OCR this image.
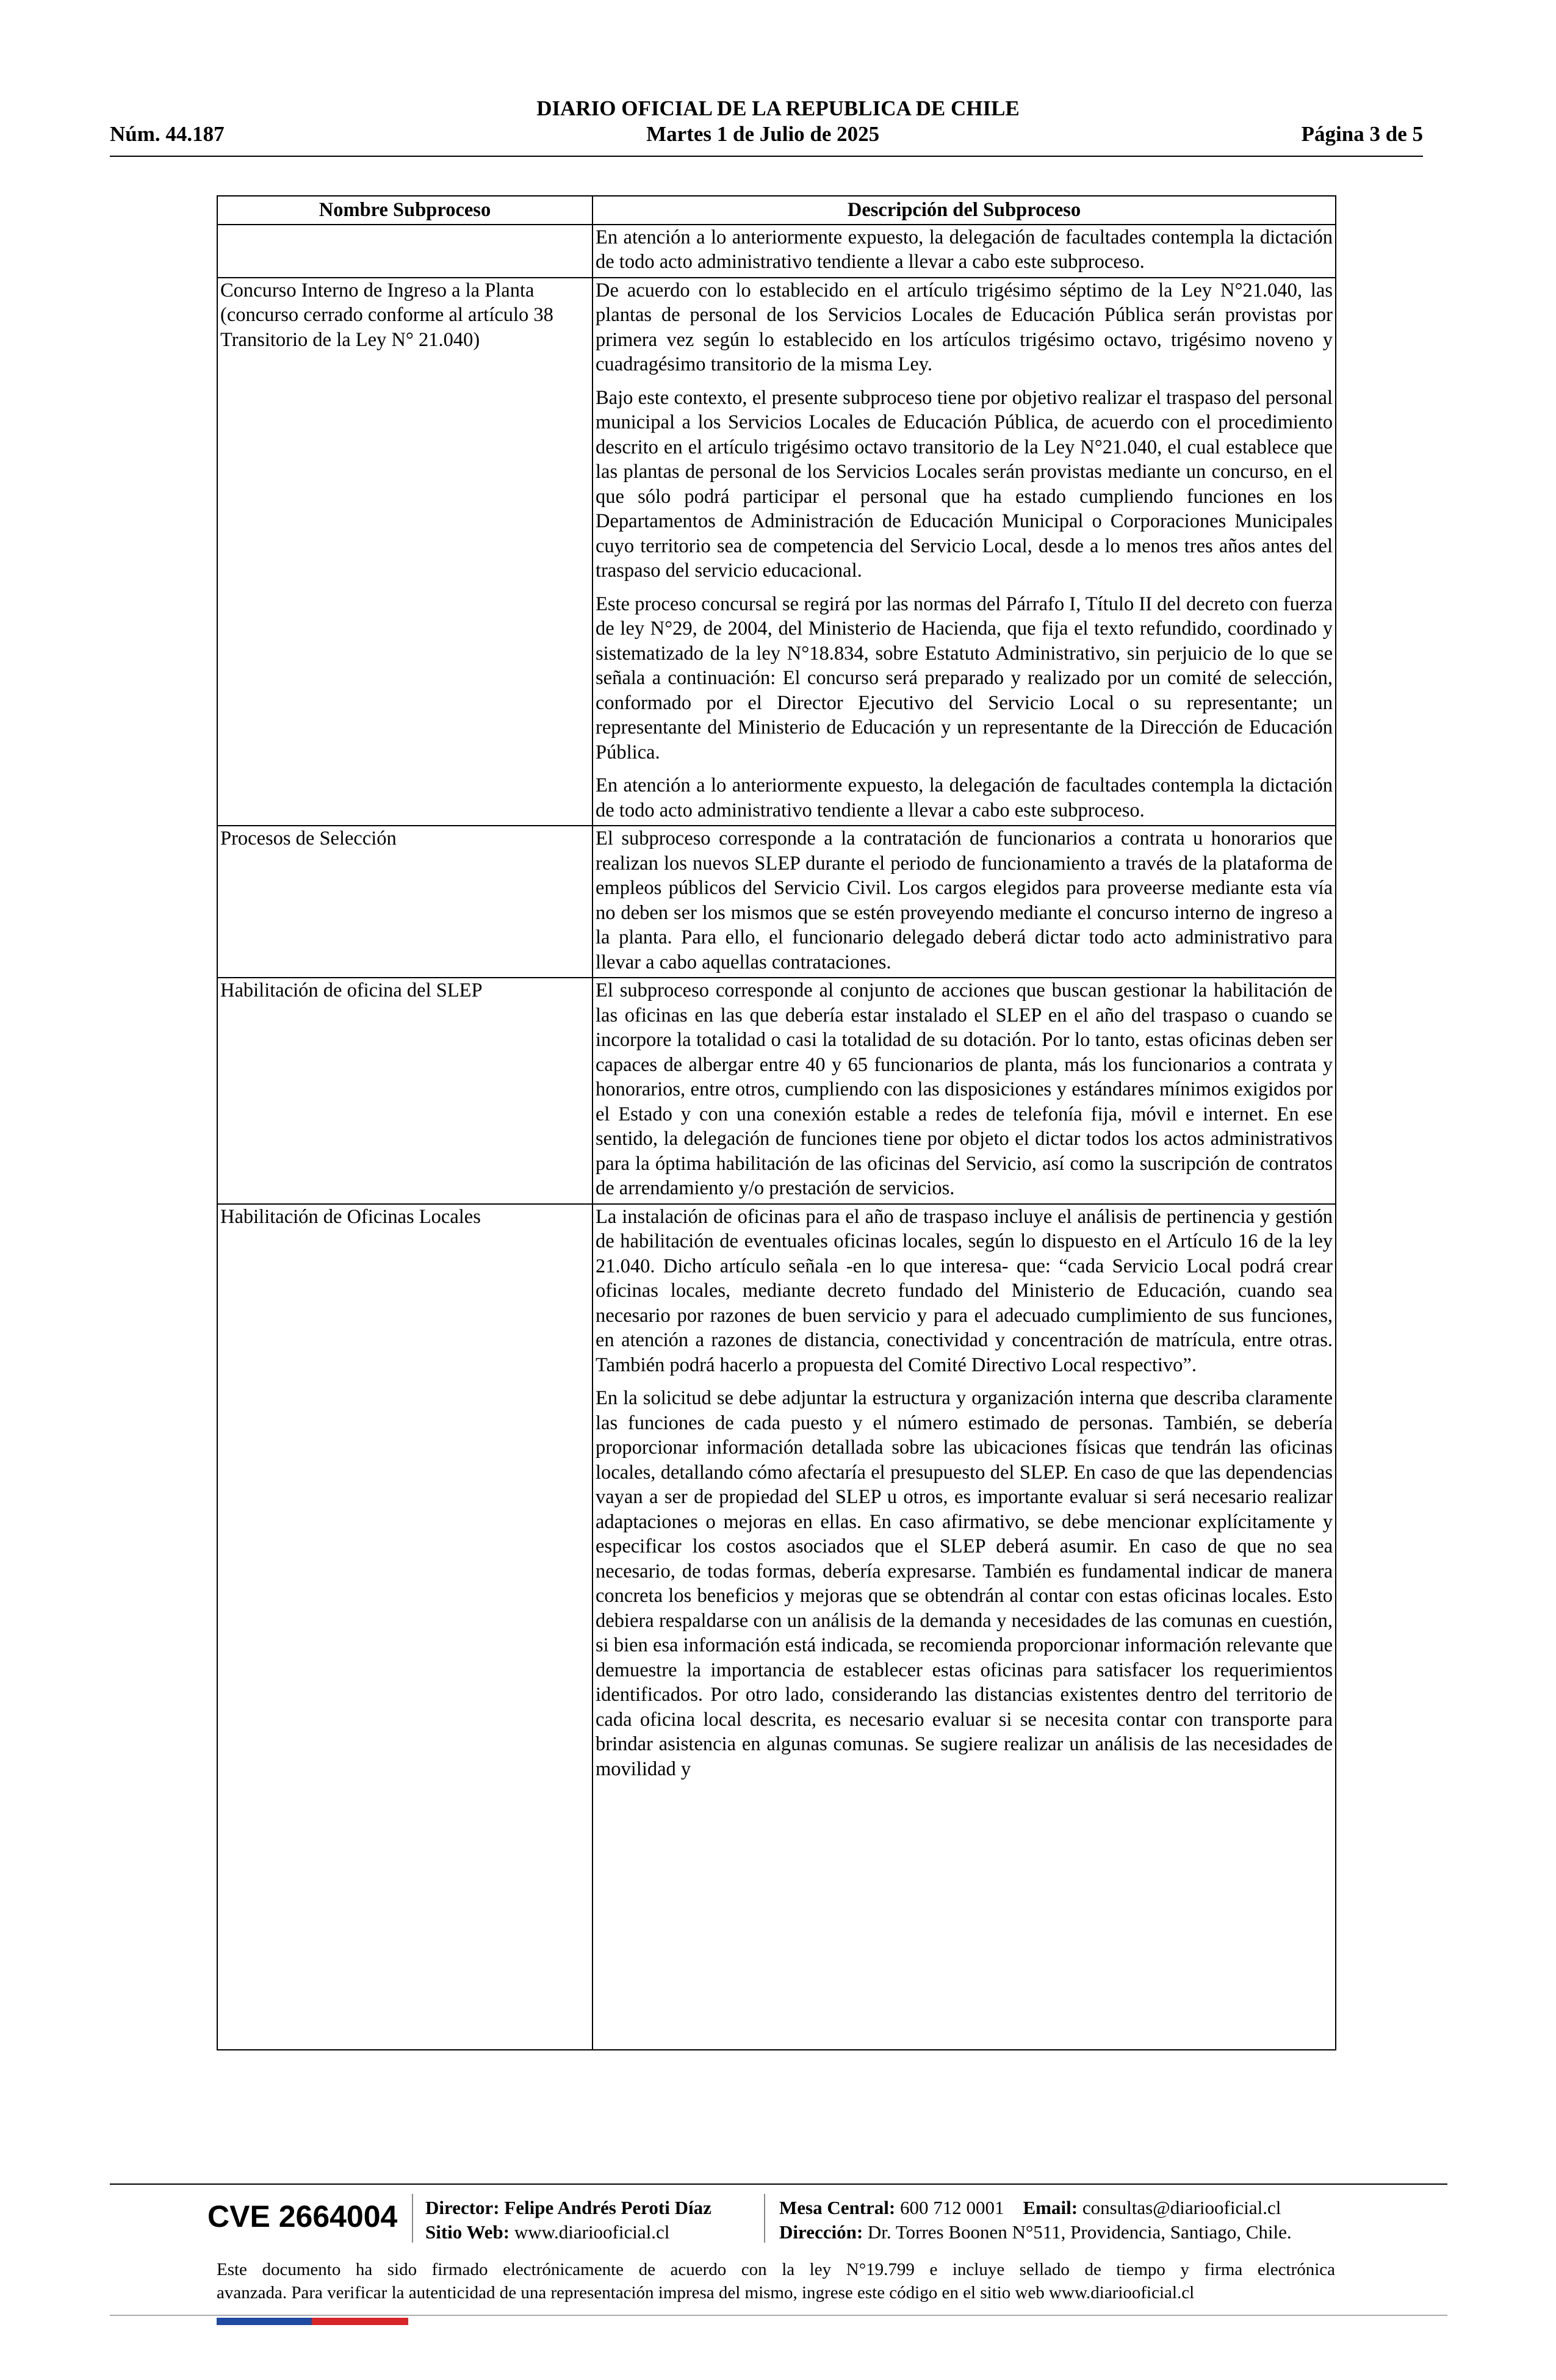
DIARIO OFICIAL DE LA REPUBLICA DE CHILE
Núm. 44.187	Martes 1 de Julio de 2025	Página 3 de 5
Nombre Subproceso	Descripción del Subproceso

	En atención a lo anteriormente expuesto, la delegación de facultades contempla la dictación de todo acto administrativo tendiente a llevar a cabo este subproceso.

Concurso Interno de Ingreso a la Planta (concurso cerrado conforme al artículo 38 Transitorio de la Ley N° 21.040)	De acuerdo con lo establecido en el artículo trigésimo séptimo de la Ley N°21.040, las plantas de personal de los Servicios Locales de Educación Pública serán provistas por primera vez según lo establecido en los artículos trigésimo octavo, trigésimo noveno y cuadragésimo transitorio de la misma Ley.

Bajo este contexto, el presente subproceso tiene por objetivo realizar el traspaso del personal municipal a los Servicios Locales de Educación Pública, de acuerdo con el procedimiento descrito en el artículo trigésimo octavo transitorio de la Ley N°21.040, el cual establece que las plantas de personal de los Servicios Locales serán provistas mediante un concurso, en el que sólo podrá participar el personal que ha estado cumpliendo funciones en los Departamentos de Administración de Educación Municipal o Corporaciones Municipales cuyo territorio sea de competencia del Servicio Local, desde a lo menos tres años antes del traspaso del servicio educacional.

Este proceso concursal se regirá por las normas del Párrafo I, Título II del decreto con fuerza de ley N°29, de 2004, del Ministerio de Hacienda, que fija el texto refundido, coordinado y sistematizado de la ley N°18.834, sobre Estatuto Administrativo, sin perjuicio de lo que se señala a continuación: El concurso será preparado y realizado por un comité de selección, conformado por el Director Ejecutivo del Servicio Local o su representante; un representante del Ministerio de Educación y un representante de la Dirección de Educación Pública.

En atención a lo anteriormente expuesto, la delegación de facultades contempla la dictación de todo acto administrativo tendiente a llevar a cabo este subproceso.

Procesos de Selección	El subproceso corresponde a la contratación de funcionarios a contrata u honorarios que realizan los nuevos SLEP durante el periodo de funcionamiento a través de la plataforma de empleos públicos del Servicio Civil. Los cargos elegidos para proveerse mediante esta vía no deben ser los mismos que se estén proveyendo mediante el concurso interno de ingreso a la planta. Para ello, el funcionario delegado deberá dictar todo acto administrativo para llevar a cabo aquellas contrataciones.

Habilitación de oficina del SLEP	El subproceso corresponde al conjunto de acciones que buscan gestionar la habilitación de las oficinas en las que debería estar instalado el SLEP en el año del traspaso o cuando se incorpore la totalidad o casi la totalidad de su dotación. Por lo tanto, estas oficinas deben ser capaces de albergar entre 40 y 65 funcionarios de planta, más los funcionarios a contrata y honorarios, entre otros, cumpliendo con las disposiciones y estándares mínimos exigidos por el Estado y con una conexión estable a redes de telefonía fija, móvil e internet. En ese sentido, la delegación de funciones tiene por objeto el dictar todos los actos administrativos para la óptima habilitación de las oficinas del Servicio, así como la suscripción de contratos de arrendamiento y/o prestación de servicios.

Habilitación de Oficinas Locales	La instalación de oficinas para el año de traspaso incluye el análisis de pertinencia y gestión de habilitación de eventuales oficinas locales, según lo dispuesto en el Artículo 16 de la ley 21.040. Dicho artículo señala -en lo que interesa- que: “cada Servicio Local podrá crear oficinas locales, mediante decreto fundado del Ministerio de Educación, cuando sea necesario por razones de buen servicio y para el adecuado cumplimiento de sus funciones, en atención a razones de distancia, conectividad y concentración de matrícula, entre otras. También podrá hacerlo a propuesta del Comité Directivo Local respectivo”.

En la solicitud se debe adjuntar la estructura y organización interna que describa claramente las funciones de cada puesto y el número estimado de personas. También, se debería proporcionar información detallada sobre las ubicaciones físicas que tendrán las oficinas locales, detallando cómo afectaría el presupuesto del SLEP. En caso de que las dependencias vayan a ser de propiedad del SLEP u otros, es importante evaluar si será necesario realizar adaptaciones o mejoras en ellas. En caso afirmativo, se debe mencionar explícitamente y especificar los costos asociados que el SLEP deberá asumir. En caso de que no sea necesario, de todas formas, debería expresarse. También es fundamental indicar de manera concreta los beneficios y mejoras que se obtendrán al contar con estas oficinas locales. Esto debiera respaldarse con un análisis de la demanda y necesidades de las comunas en cuestión, si bien esa información está indicada, se recomienda proporcionar información relevante que demuestre la importancia de establecer estas oficinas para satisfacer los requerimientos identificados. Por otro lado, considerando las distancias existentes dentro del territorio de cada oficina local descrita, es necesario evaluar si se necesita contar con transporte para brindar asistencia en algunas comunas. Se sugiere realizar un análisis de las necesidades de movilidad y

CVE 2664004 Director: Felipe Andrés Peroti Díaz
Sitio Web: www.diariooficial.cl
Mesa Central: 600 712 0001 Email: consultas@diariooficial.cl
Dirección: Dr. Torres Boonen N°511, Providencia, Santiago, Chile.
Este documento ha sido firmado electrónicamente de acuerdo con la ley N°19.799 e incluye sellado de tiempo y firma electrónica
avanzada. Para verificar la autenticidad de una representación impresa del mismo, ingrese este código en el sitio web www.diariooficial.cl
